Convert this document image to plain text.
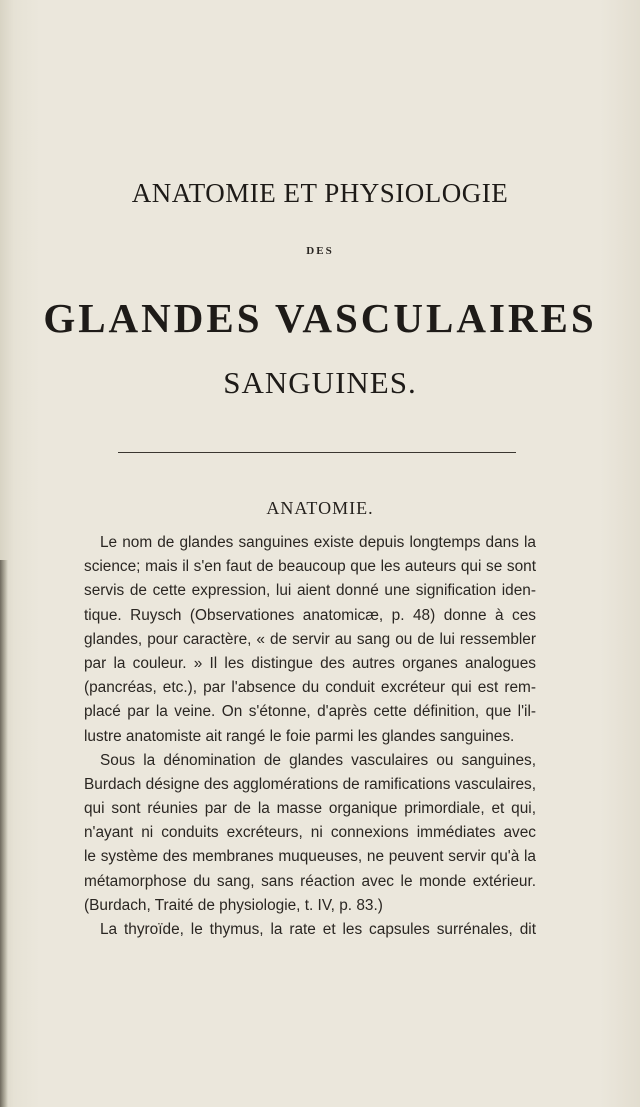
ANATOMIE ET PHYSIOLOGIE
DES
GLANDES VASCULAIRES
SANGUINES.
ANATOMIE.
Le nom de glandes sanguines existe depuis longtemps dans la
science; mais il s'en faut de beaucoup que les auteurs qui se sont
servis de cette expression, lui aient donné une signification iden-
tique. Ruysch (Observationes anatomicæ, p. 48) donne à ces
glandes, pour caractère, « de servir au sang ou de lui ressembler
par la couleur. » Il les distingue des autres organes analogues
(pancréas, etc.), par l'absence du conduit excréteur qui est rem-
placé par la veine. On s'étonne, d'après cette définition, que l'il-
lustre anatomiste ait rangé le foie parmi les glandes sanguines.
Sous la dénomination de glandes vasculaires ou sanguines,
Burdach désigne des agglomérations de ramifications vasculaires,
qui sont réunies par de la masse organique primordiale, et qui,
n'ayant ni conduits excréteurs, ni connexions immédiates avec
le système des membranes muqueuses, ne peuvent servir qu'à la
métamorphose du sang, sans réaction avec le monde extérieur.
(Burdach, Traité de physiologie, t. IV, p. 83.)
La thyroïde, le thymus, la rate et les capsules surrénales, dit
